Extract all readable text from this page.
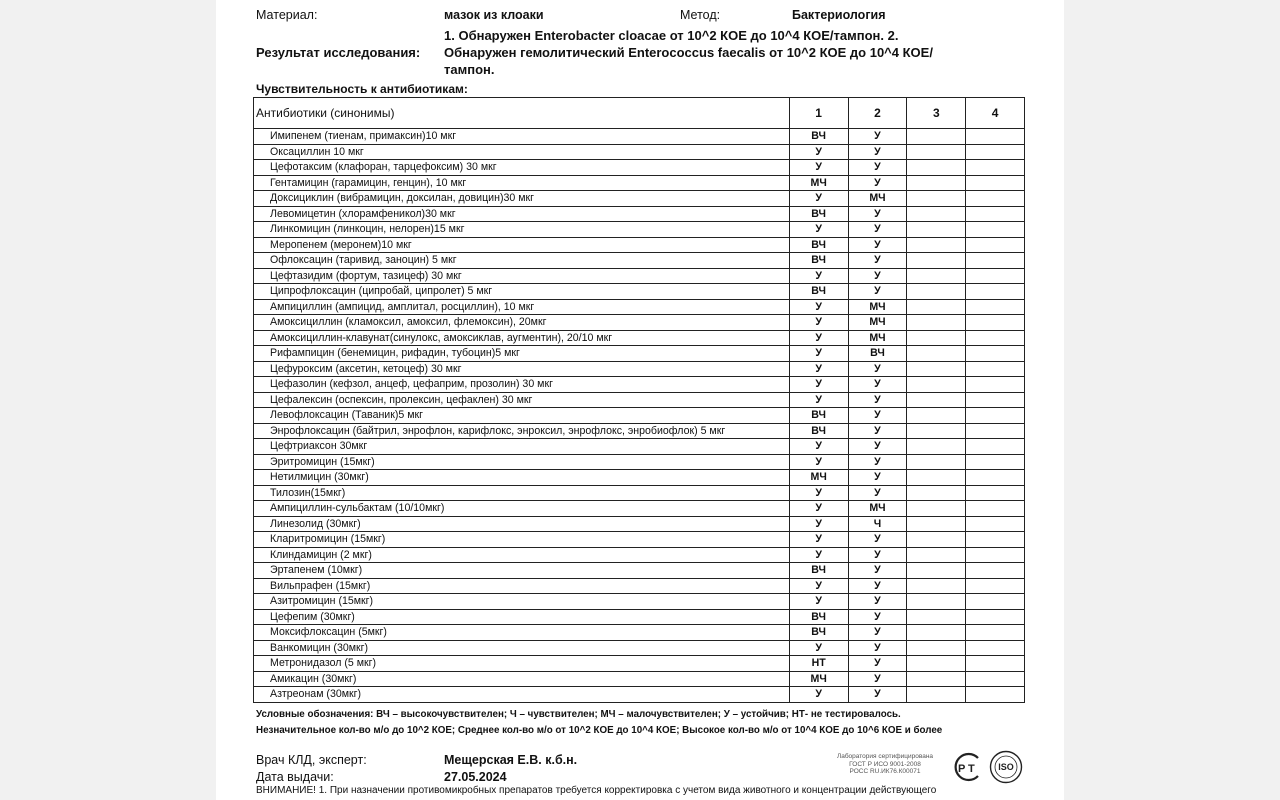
Материал:	мазок из клоаки	Метод:	Бактериология
Результат исследования:
1. Обнаружен Enterobacter cloacae от 10^2 КОЕ до 10^4 КОЕ/тампон. 2. Обнаружен гемолитический Enterococcus faecalis от 10^2 КОЕ до 10^4 КОЕ/тампон.
Чувствительность к антибиотикам:
Антибиотики (синонимы)	1	2	3	4
Имипенем (тиенам, примаксин)10 мкг	ВЧ	У		
Оксациллин 10 мкг	У	У		
Цефотаксим (клафоран, тарцефоксим) 30 мкг	У	У		
Гентамицин (гарамицин, генцин), 10 мкг	МЧ	У		
Доксициклин (вибрамицин, доксилан, довицин)30 мкг	У	МЧ		
Левомицетин (хлорамфеникол)30 мкг	ВЧ	У		
Линкомицин (линкоцин, нелорен)15 мкг	У	У		
Меропенем (меронем)10 мкг	ВЧ	У		
Офлоксацин (таривид, заноцин) 5 мкг	ВЧ	У		
Цефтазидим (фортум, тазицеф) 30 мкг	У	У		
Ципрофлоксацин (ципробай, ципролет) 5 мкг	ВЧ	У		
Ампициллин (ампицид, амплитал, росциллин), 10 мкг	У	МЧ		
Амоксициллин (кламоксил, амоксил, флемоксин), 20мкг	У	МЧ		
Амоксициллин-клавунат(синулокс, амоксиклав, аугментин), 20/10 мкг	У	МЧ		
Рифампицин (бенемицин, рифадин, тубоцин)5 мкг	У	ВЧ		
Цефуроксим (аксетин, кетоцеф) 30 мкг	У	У		
Цефазолин (кефзол, анцеф, цефаприм, прозолин) 30 мкг	У	У		
Цефалексин (оспексин, пролексин, цефаклен) 30 мкг	У	У		
Левофлоксацин (Таваник)5 мкг	ВЧ	У		
Энрофлоксацин (байтрил, энрофлон, карифлокс, энроксил, энрофлокс, энробиофлок) 5 мкг	ВЧ	У		
Цефтриаксон 30мкг	У	У		
Эритромицин (15мкг)	У	У		
Нетилмицин (30мкг)	МЧ	У		
Тилозин(15мкг)	У	У		
Ампициллин-сульбактам (10/10мкг)	У	МЧ		
Линезолид (30мкг)	У	Ч		
Кларитромицин (15мкг)	У	У		
Клиндамицин (2 мкг)	У	У		
Эртапенем (10мкг)	ВЧ	У		
Вильпрафен (15мкг)	У	У		
Азитромицин (15мкг)	У	У		
Цефепим (30мкг)	ВЧ	У		
Моксифлоксацин (5мкг)	ВЧ	У		
Ванкомицин (30мкг)	У	У		
Метронидазол (5 мкг)	НТ	У		
Амикацин (30мкг)	МЧ	У		
Азтреонам (30мкг)	У	У		
Условные обозначения: ВЧ – высокочувствителен; Ч – чувствителен; МЧ – малочувствителен; У – устойчив; НТ- не тестировалось.
Незначительное кол-во м/о до 10^2 КОЕ; Среднее кол-во м/о от 10^2 КОЕ до 10^4 КОЕ; Высокое кол-во м/о от 10^4 КОЕ до 10^6 КОЕ и более
Врач КЛД, эксперт:	Мещерская Е.В. к.б.н.
Дата выдачи:	27.05.2024
Лаборатория сертифицирована
ГОСТ Р ИСО 9001-2008
РОСС RU.ИК76.К00071	Р Т	ISO
ВНИМАНИЕ! 1. При назначении противомикробных препаратов требуется корректировка с учетом вида животного и концентрации действующего
